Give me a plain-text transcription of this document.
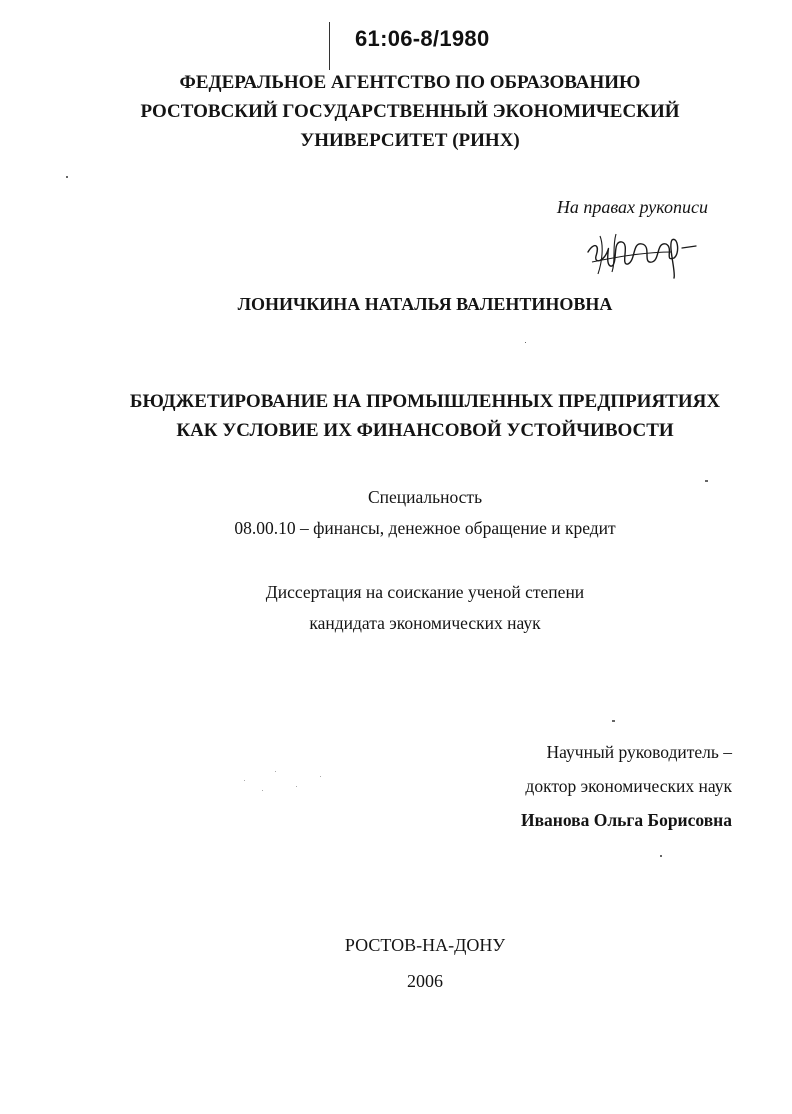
61:06-8/1980
ФЕДЕРАЛЬНОЕ АГЕНТСТВО ПО ОБРАЗОВАНИЮ
РОСТОВСКИЙ ГОСУДАРСТВЕННЫЙ ЭКОНОМИЧЕСКИЙ
УНИВЕРСИТЕТ (РИНХ)
На правах рукописи
ЛОНИЧКИНА НАТАЛЬЯ ВАЛЕНТИНОВНА
БЮДЖЕТИРОВАНИЕ НА ПРОМЫШЛЕННЫХ ПРЕДПРИЯТИЯХ
КАК УСЛОВИЕ ИХ ФИНАНСОВОЙ УСТОЙЧИВОСТИ
Специальность
08.00.10 – финансы, денежное обращение и кредит
Диссертация на соискание ученой степени
кандидата экономических наук
Научный руководитель –
доктор экономических наук
Иванова Ольга Борисовна
РОСТОВ-НА-ДОНУ
2006
